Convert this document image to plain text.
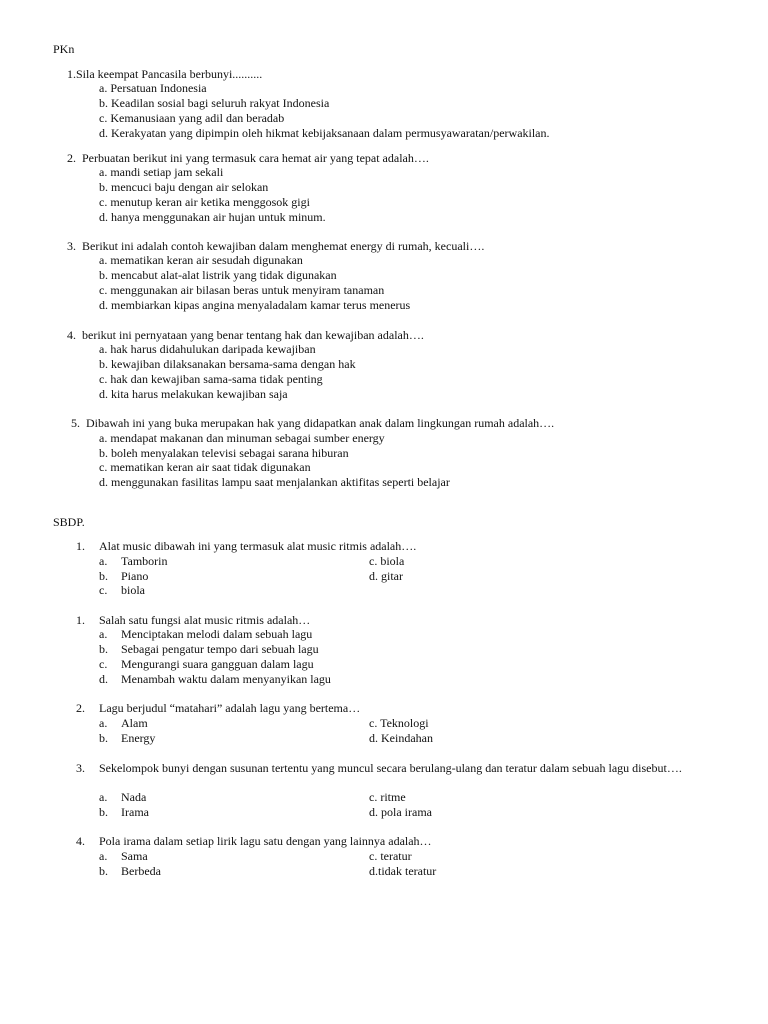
PKn
1.Sila keempat Pancasila berbunyi..........
a. Persatuan Indonesia
b. Keadilan sosial bagi seluruh rakyat Indonesia
c. Kemanusiaan yang adil dan beradab
d. Kerakyatan yang dipimpin oleh hikmat kebijaksanaan dalam permusyawaratan/perwakilan.
2. Perbuatan berikut ini yang termasuk cara hemat air yang tepat adalah….
a. mandi setiap jam sekali
b. mencuci baju dengan air selokan
c. menutup keran air ketika menggosok gigi
d. hanya menggunakan air hujan untuk minum.
3. Berikut ini adalah contoh kewajiban dalam menghemat energy di rumah, kecuali….
a. mematikan keran air sesudah digunakan
b. mencabut alat-alat listrik yang tidak digunakan
c. menggunakan air bilasan beras untuk menyiram tanaman
d. membiarkan kipas angina menyaladalam kamar terus menerus
4. berikut ini pernyataan yang benar tentang hak dan kewajiban adalah….
a. hak harus didahulukan daripada kewajiban
b. kewajiban dilaksanakan bersama-sama dengan hak
c. hak dan kewajiban sama-sama tidak penting
d. kita harus melakukan kewajiban saja
5. Dibawah ini yang buka merupakan hak yang didapatkan anak dalam lingkungan rumah adalah….
a. mendapat makanan dan minuman sebagai sumber energy
b. boleh menyalakan televisi sebagai sarana hiburan
c. mematikan keran air saat tidak digunakan
d. menggunakan fasilitas lampu saat menjalankan aktifitas seperti belajar
SBDP.
1. Alat music dibawah ini yang termasuk alat music ritmis adalah….
a. Tamborin
b. Piano
c. biola
c. biola
d. gitar
1. Salah satu fungsi alat music ritmis adalah…
a. Menciptakan melodi dalam sebuah lagu
b. Sebagai pengatur tempo dari sebuah lagu
c. Mengurangi suara gangguan dalam lagu
d. Menambah waktu dalam menyanyikan lagu
2. Lagu berjudul “matahari” adalah lagu yang bertema…
a. Alam
b. Energy
c. Teknologi
d. Keindahan
3. Sekelompok bunyi dengan susunan tertentu yang muncul secara berulang-ulang dan teratur dalam sebuah lagu disebut….
a. Nada
b. Irama
c. ritme
d. pola irama
4. Pola irama dalam setiap lirik lagu satu dengan yang lainnya adalah…
a. Sama
b. Berbeda
c. teratur
d.tidak teratur
